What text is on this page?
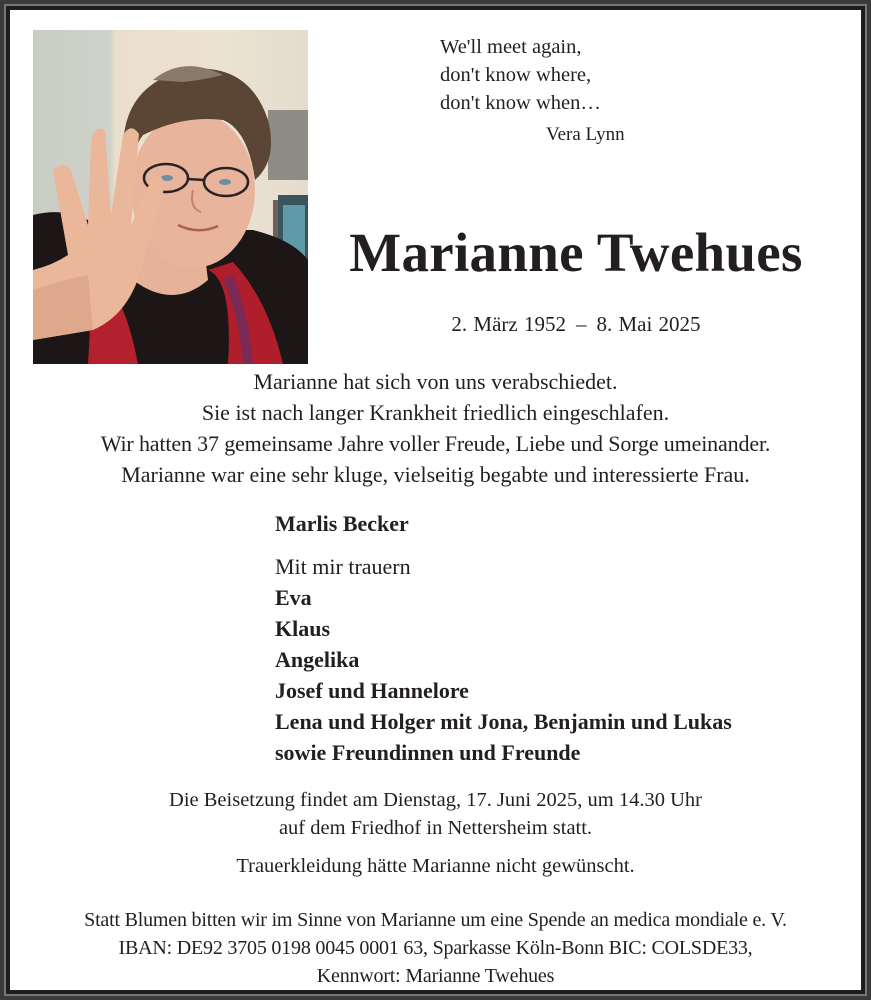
We'll meet again,
don't know where,
don't know when…
Vera Lynn
Marianne Twehues
2. März 1952 – 8. Mai 2025
Marianne hat sich von uns verabschiedet.
Sie ist nach langer Krankheit friedlich eingeschlafen.
Wir hatten 37 gemeinsame Jahre voller Freude, Liebe und Sorge umeinander.
Marianne war eine sehr kluge, vielseitig begabte und interessierte Frau.
Marlis Becker
Mit mir trauern
Eva
Klaus
Angelika
Josef und Hannelore
Lena und Holger mit Jona, Benjamin und Lukas
sowie Freundinnen und Freunde
Die Beisetzung findet am Dienstag, 17. Juni 2025, um 14.30 Uhr
auf dem Friedhof in Nettersheim statt.
Trauerkleidung hätte Marianne nicht gewünscht.
Statt Blumen bitten wir im Sinne von Marianne um eine Spende an medica mondiale e. V.
IBAN: DE92 3705 0198 0045 0001 63, Sparkasse Köln-Bonn BIC: COLSDE33,
Kennwort: Marianne Twehues
